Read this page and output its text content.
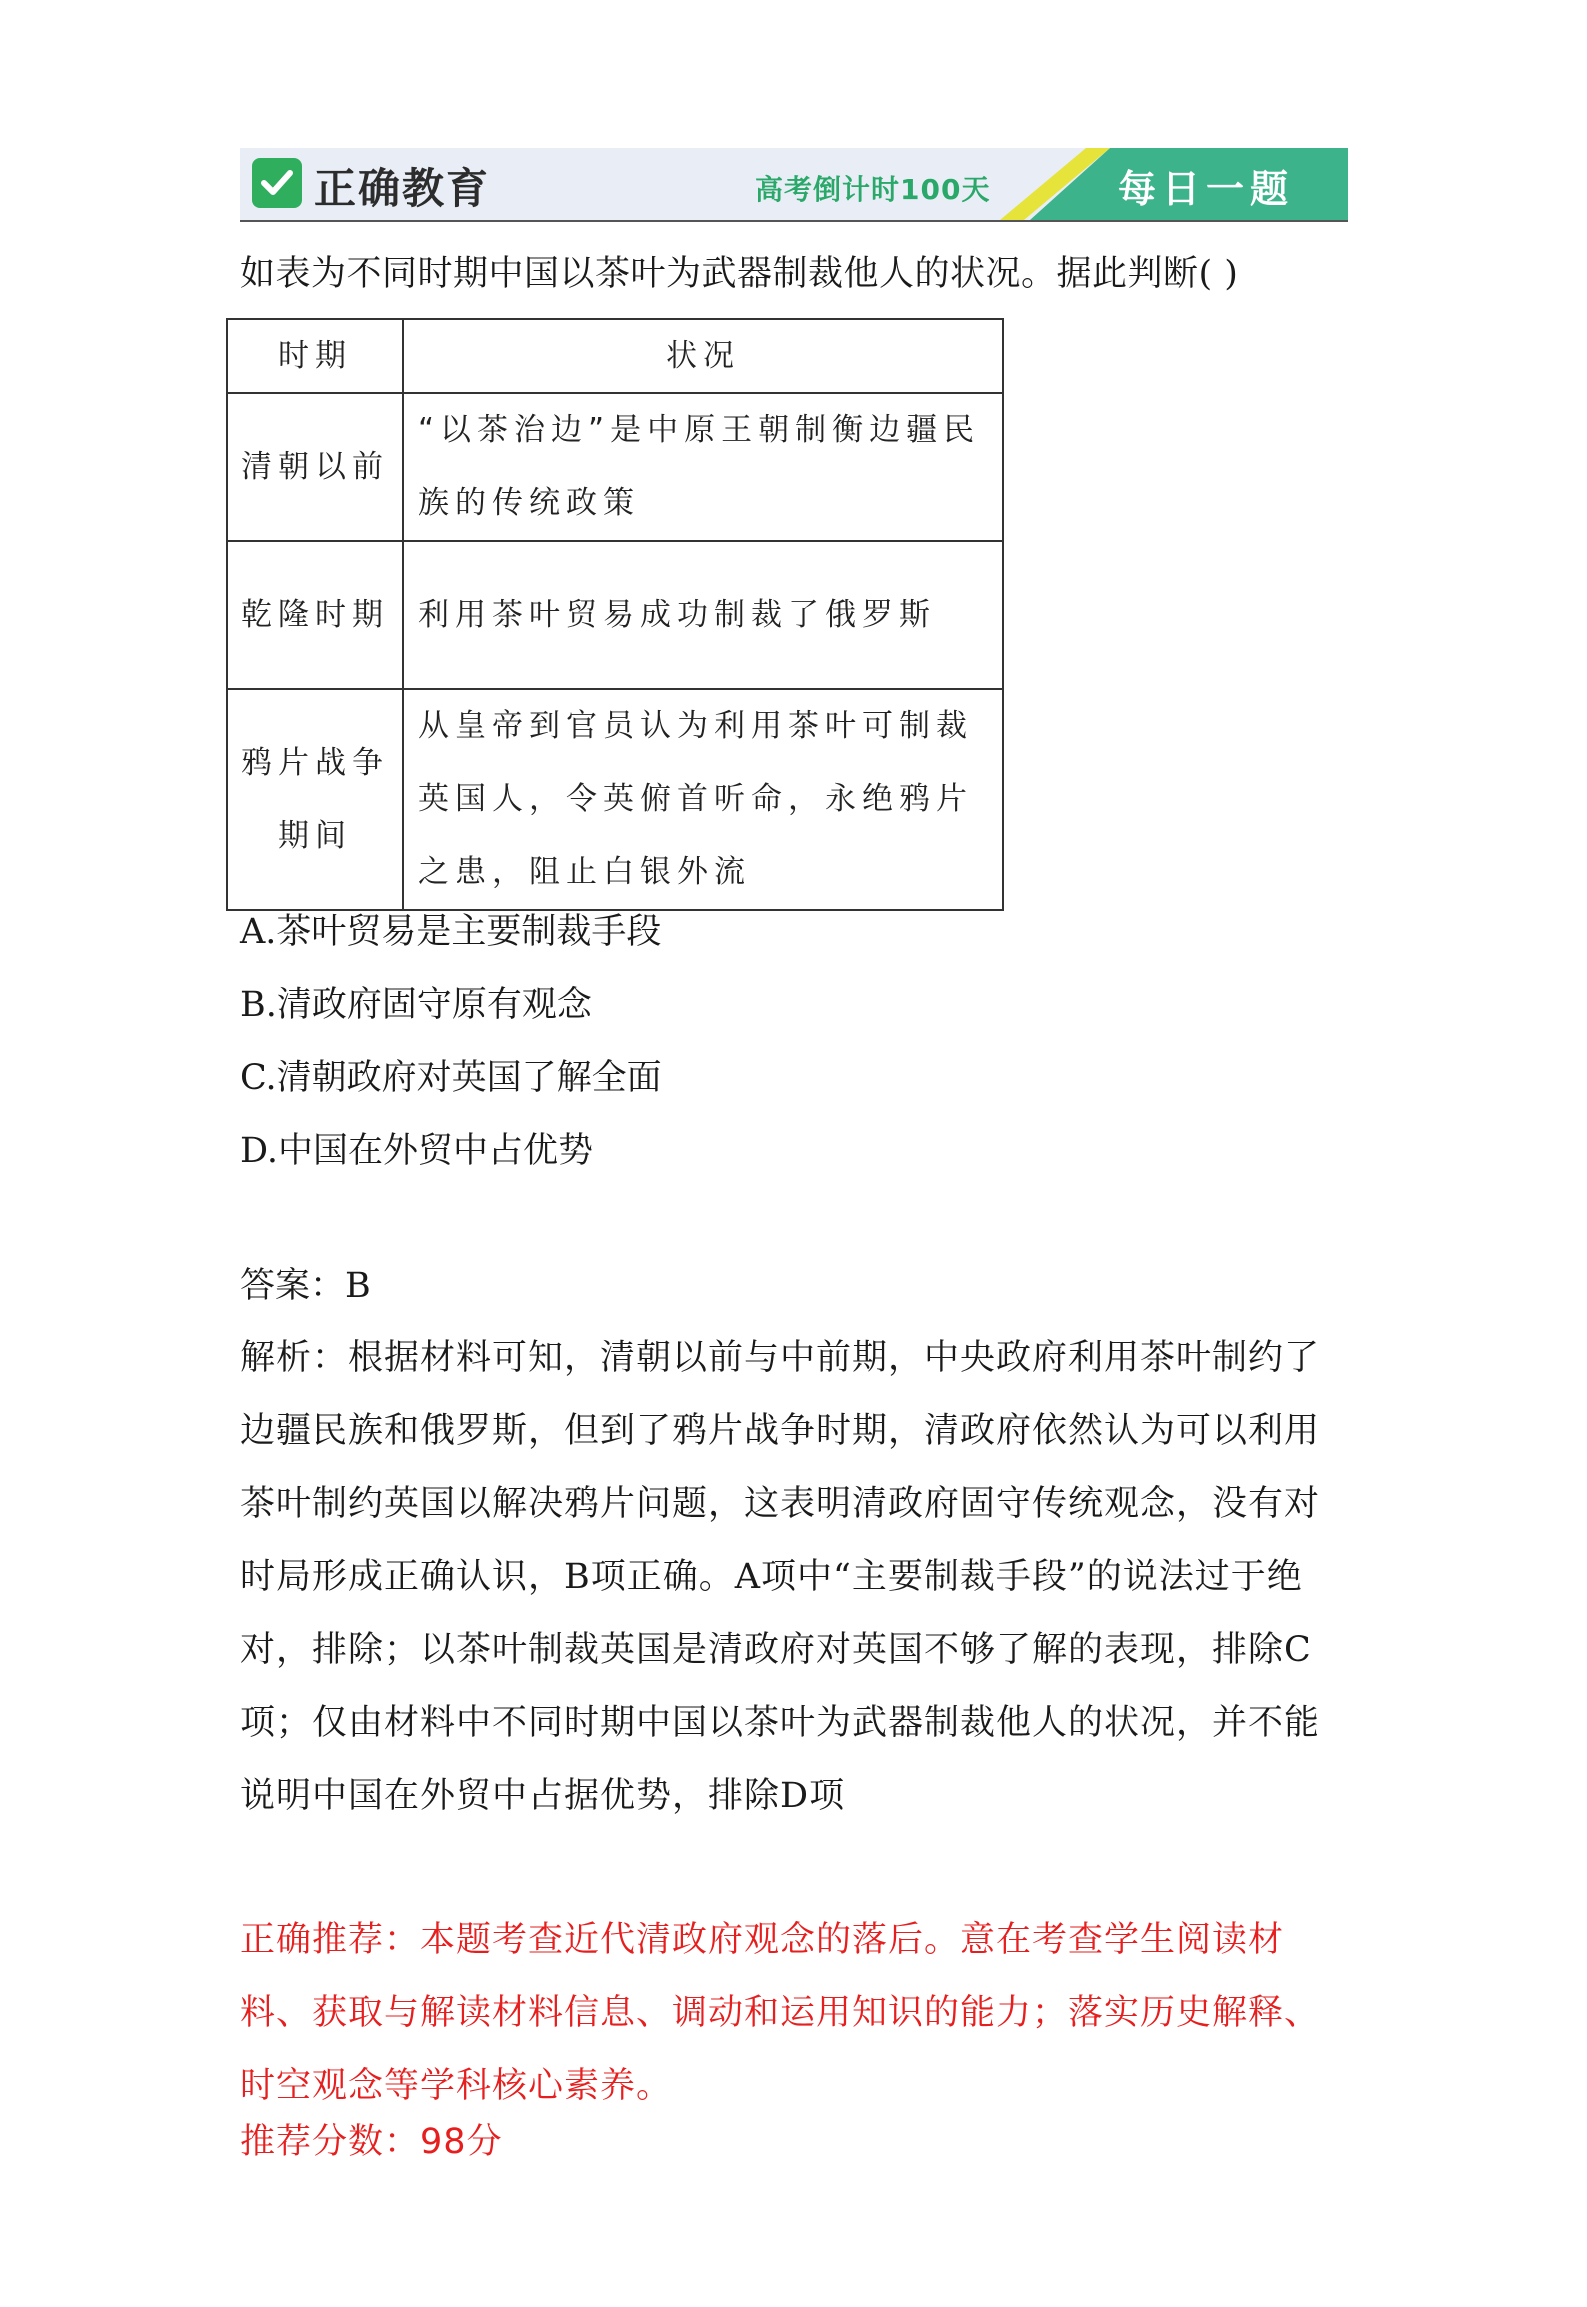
正确教育	高考倒计时100天	每日一题
如表为不同时期中国以茶叶为武器制裁他人的状况。据此判断( )
时期	状况
清朝以前	“以茶治边”是中原王朝制衡边疆民族的传统政策
乾隆时期	利用茶叶贸易成功制裁了俄罗斯
鸦片战争期间	从皇帝到官员认为利用茶叶可制裁英国人，令英俯首听命，永绝鸦片之患，阻止白银外流
A.茶叶贸易是主要制裁手段
B.清政府固守原有观念
C.清朝政府对英国了解全面
D.中国在外贸中占优势
答案：B
解析：根据材料可知，清朝以前与中前期，中央政府利用茶叶制约了边疆民族和俄罗斯，但到了鸦片战争时期，清政府依然认为可以利用茶叶制约英国以解决鸦片问题，这表明清政府固守传统观念，没有对时局形成正确认识，B项正确。A项中“主要制裁手段”的说法过于绝对，排除；以茶叶制裁英国是清政府对英国不够了解的表现，排除C项；仅由材料中不同时期中国以茶叶为武器制裁他人的状况，并不能说明中国在外贸中占据优势，排除D项
正确推荐：本题考查近代清政府观念的落后。意在考查学生阅读材料、获取与解读材料信息、调动和运用知识的能力；落实历史解释、时空观念等学科核心素养。
推荐分数：98分
